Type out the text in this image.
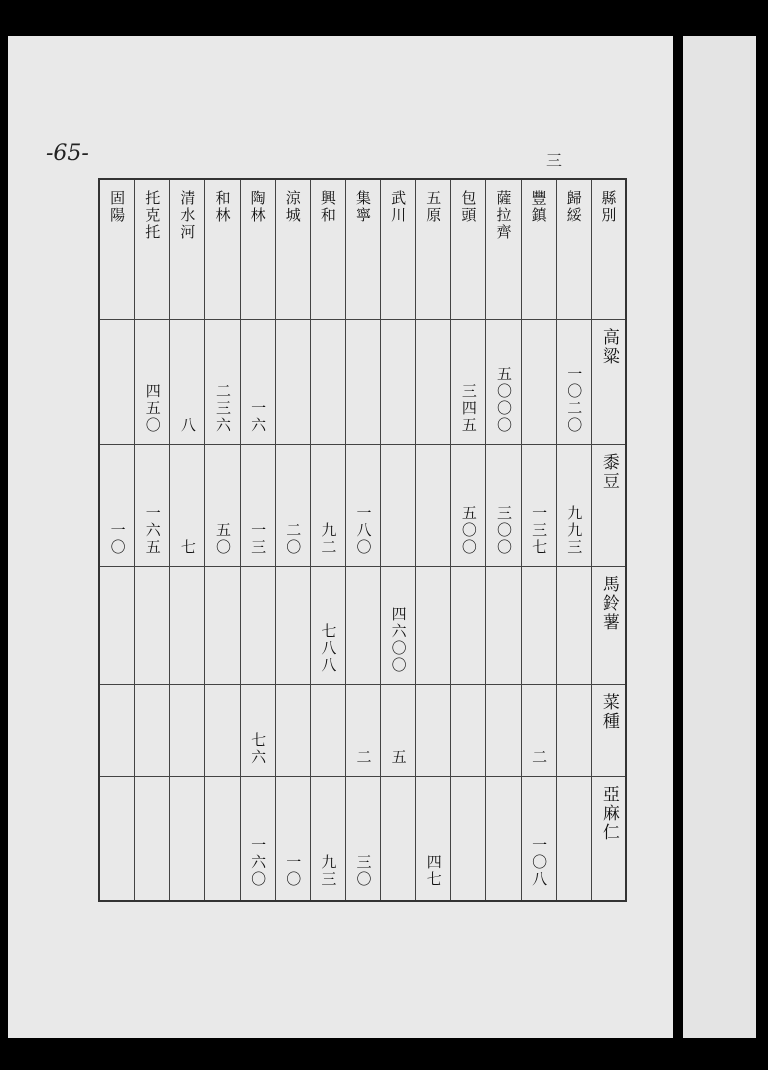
-65-	三
縣別
高粱
黍豆
馬鈴薯
菜種
亞麻仁
歸綏
一〇二〇
九九三
豐鎮
一三七
二
一〇八
薩拉齊
五〇〇〇
三〇〇
包頭
三四五
五〇〇
五原
四七
武川
四六〇〇
五
集寧
一八〇
二
三〇
興和
九二
七八八
九三
涼城
二〇
一〇
陶林
一六
一三
七六
一六〇
和林
二三六
五〇
清水河
八
七
托克托
四五〇
一六五
固陽
一〇
